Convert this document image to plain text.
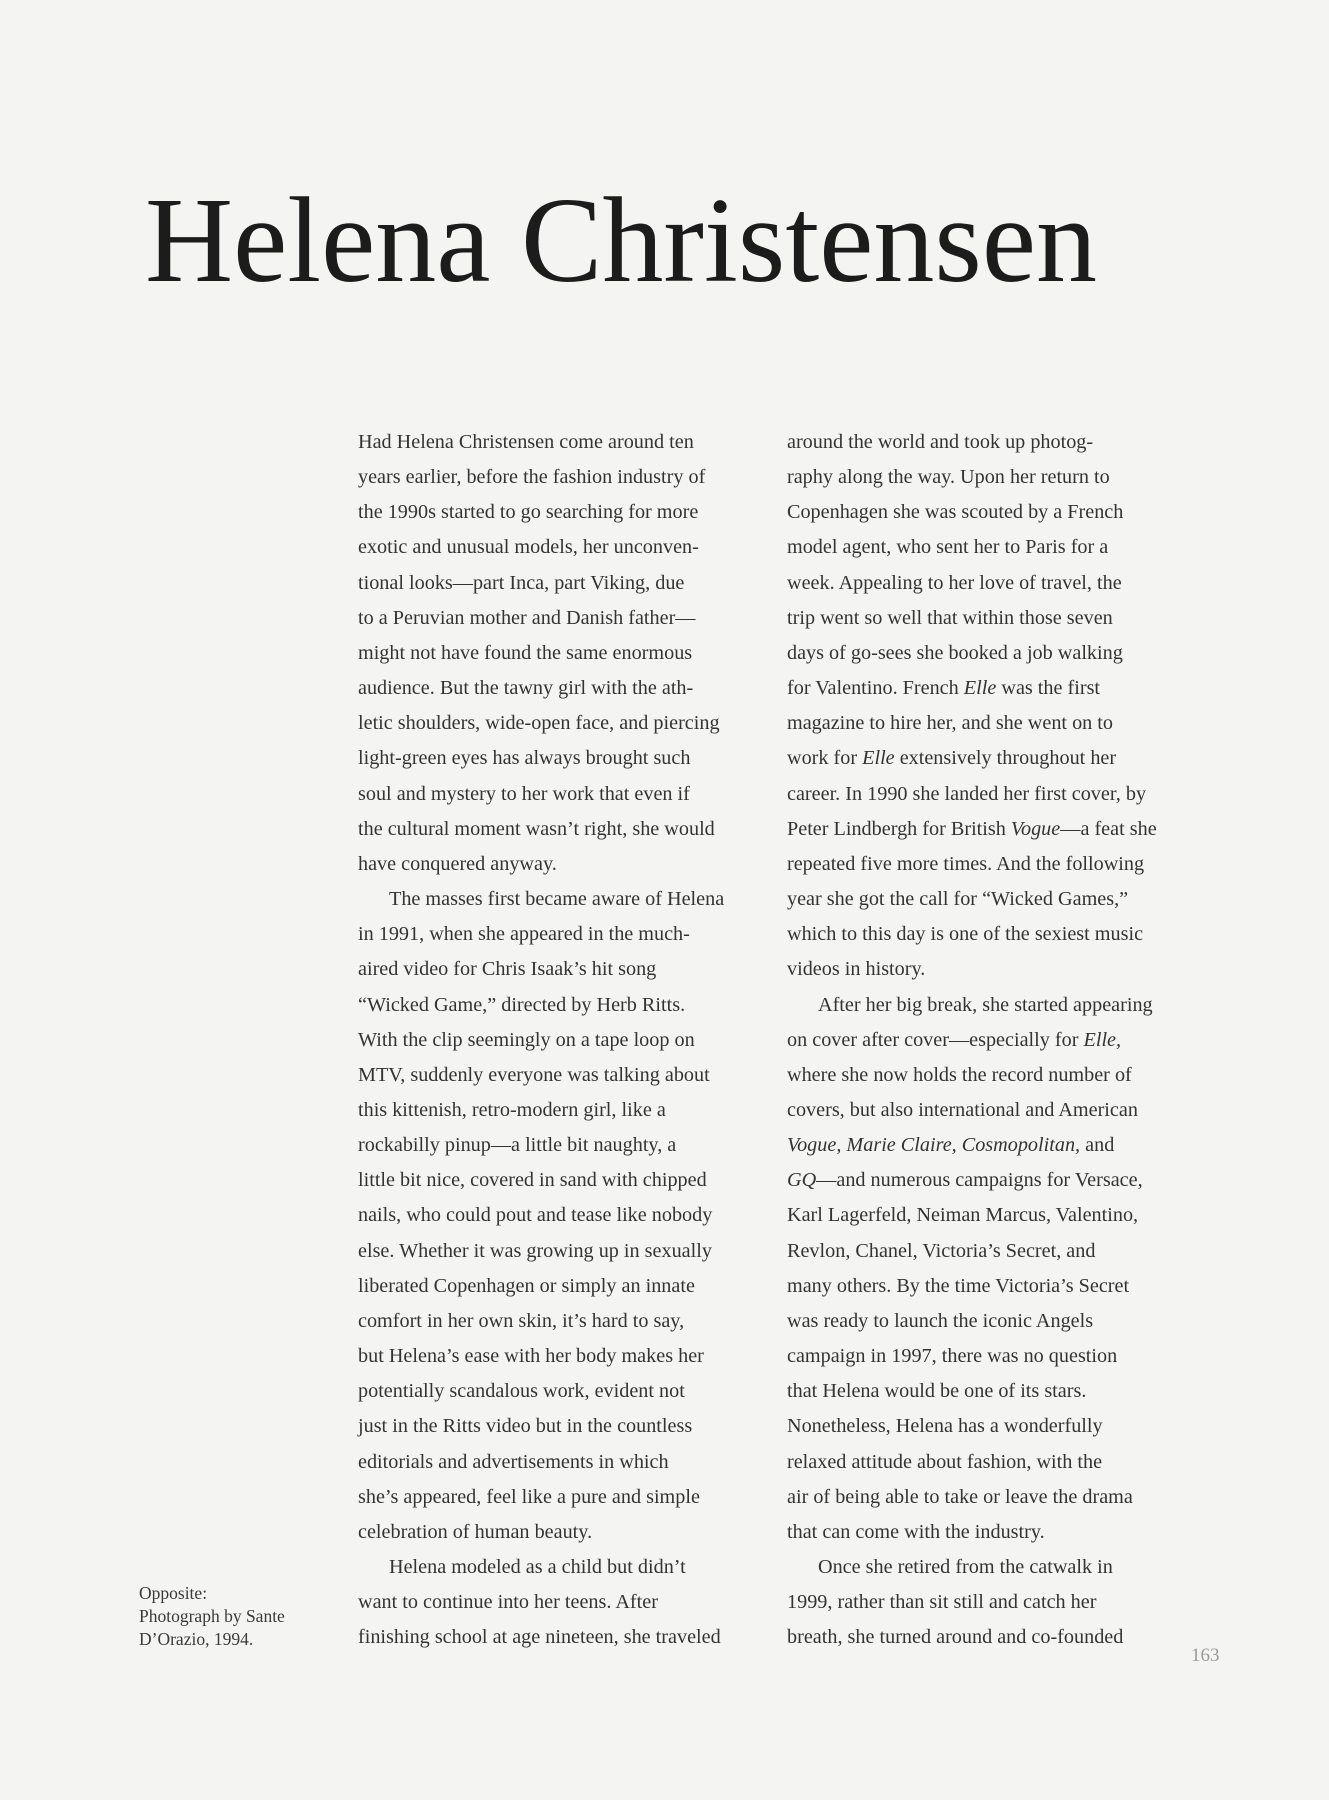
Helena Christensen
Had Helena Christensen come around ten
years earlier, before the fashion industry of
the 1990s started to go searching for more
exotic and unusual models, her unconven-
tional looks—part Inca, part Viking, due
to a Peruvian mother and Danish father—
might not have found the same enormous
audience. But the tawny girl with the ath-
letic shoulders, wide-open face, and piercing
light-green eyes has always brought such
soul and mystery to her work that even if
the cultural moment wasn’t right, she would
have conquered anyway.
The masses first became aware of Helena
in 1991, when she appeared in the much-
aired video for Chris Isaak’s hit song
“Wicked Game,” directed by Herb Ritts.
With the clip seemingly on a tape loop on
MTV, suddenly everyone was talking about
this kittenish, retro-modern girl, like a
rockabilly pinup—a little bit naughty, a
little bit nice, covered in sand with chipped
nails, who could pout and tease like nobody
else. Whether it was growing up in sexually
liberated Copenhagen or simply an innate
comfort in her own skin, it’s hard to say,
but Helena’s ease with her body makes her
potentially scandalous work, evident not
just in the Ritts video but in the countless
editorials and advertisements in which
she’s appeared, feel like a pure and simple
celebration of human beauty.
Helena modeled as a child but didn’t
want to continue into her teens. After
finishing school at age nineteen, she traveled
around the world and took up photog-
raphy along the way. Upon her return to
Copenhagen she was scouted by a French
model agent, who sent her to Paris for a
week. Appealing to her love of travel, the
trip went so well that within those seven
days of go-sees she booked a job walking
for Valentino. French Elle was the first
magazine to hire her, and she went on to
work for Elle extensively throughout her
career. In 1990 she landed her first cover, by
Peter Lindbergh for British Vogue—a feat she
repeated five more times. And the following
year she got the call for “Wicked Games,”
which to this day is one of the sexiest music
videos in history.
After her big break, she started appearing
on cover after cover—especially for Elle,
where she now holds the record number of
covers, but also international and American
Vogue, Marie Claire, Cosmopolitan, and
GQ—and numerous campaigns for Versace,
Karl Lagerfeld, Neiman Marcus, Valentino,
Revlon, Chanel, Victoria’s Secret, and
many others. By the time Victoria’s Secret
was ready to launch the iconic Angels
campaign in 1997, there was no question
that Helena would be one of its stars.
Nonetheless, Helena has a wonderfully
relaxed attitude about fashion, with the
air of being able to take or leave the drama
that can come with the industry.
Once she retired from the catwalk in
1999, rather than sit still and catch her
breath, she turned around and co-founded
Opposite:
Photograph by Sante
D’Orazio, 1994.
163
